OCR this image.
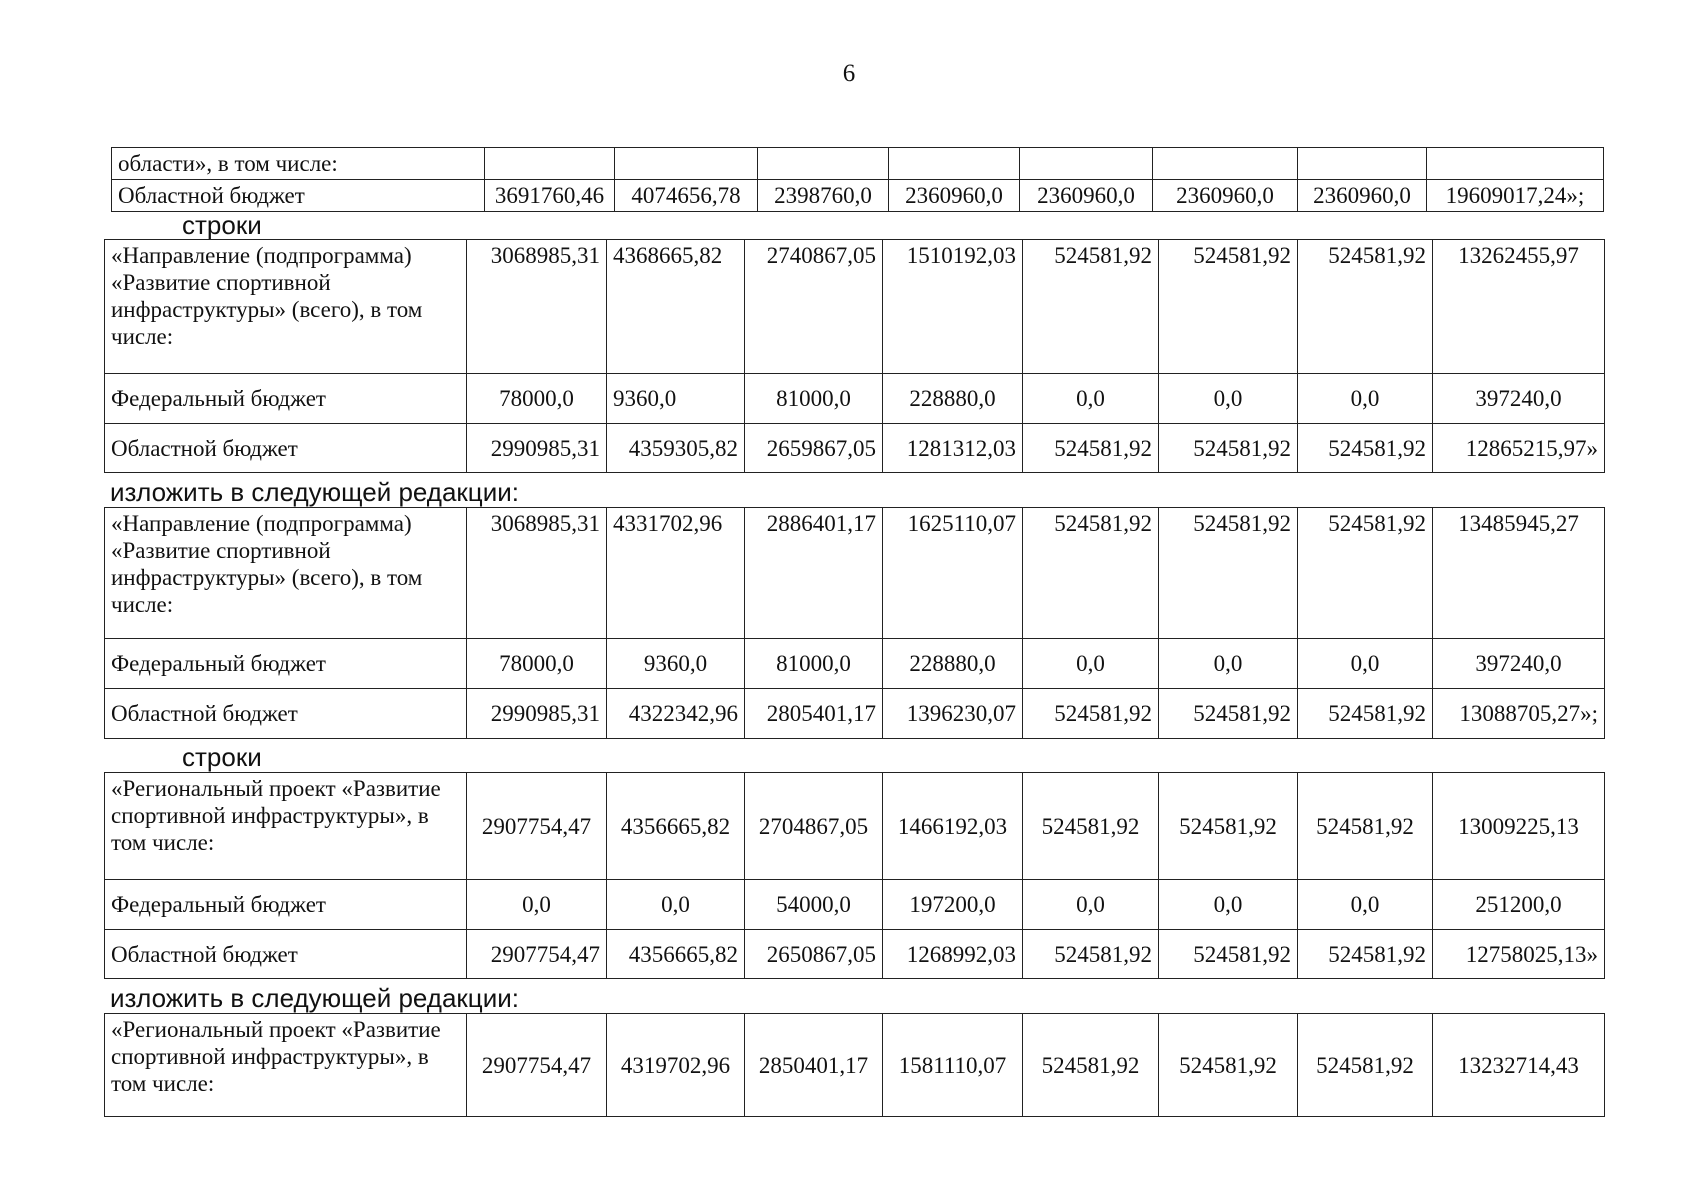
6
области», в том числе:								
Областной бюджет	3691760,46	4074656,78	2398760,0	2360960,0	2360960,0	2360960,0	2360960,0	19609017,24»;
строки
«Направление (подпрограмма) «Развитие спортивной инфраструктуры» (всего), в том числе:	3068985,31	4368665,82	2740867,05	1510192,03	524581,92	524581,92	524581,92	13262455,97
Федеральный бюджет	78000,0	9360,0	81000,0	228880,0	0,0	0,0	0,0	397240,0
Областной бюджет	2990985,31	4359305,82	2659867,05	1281312,03	524581,92	524581,92	524581,92	12865215,97»
изложить в следующей редакции:
«Направление (подпрограмма) «Развитие спортивной инфраструктуры» (всего), в том числе:	3068985,31	4331702,96	2886401,17	1625110,07	524581,92	524581,92	524581,92	13485945,27
Федеральный бюджет	78000,0	9360,0	81000,0	228880,0	0,0	0,0	0,0	397240,0
Областной бюджет	2990985,31	4322342,96	2805401,17	1396230,07	524581,92	524581,92	524581,92	13088705,27»;
строки
«Региональный проект «Развитие спортивной инфраструктуры», в том числе:	2907754,47	4356665,82	2704867,05	1466192,03	524581,92	524581,92	524581,92	13009225,13
Федеральный бюджет	0,0	0,0	54000,0	197200,0	0,0	0,0	0,0	251200,0
Областной бюджет	2907754,47	4356665,82	2650867,05	1268992,03	524581,92	524581,92	524581,92	12758025,13»
изложить в следующей редакции:
«Региональный проект «Развитие спортивной инфраструктуры», в том числе:	2907754,47	4319702,96	2850401,17	1581110,07	524581,92	524581,92	524581,92	13232714,43
